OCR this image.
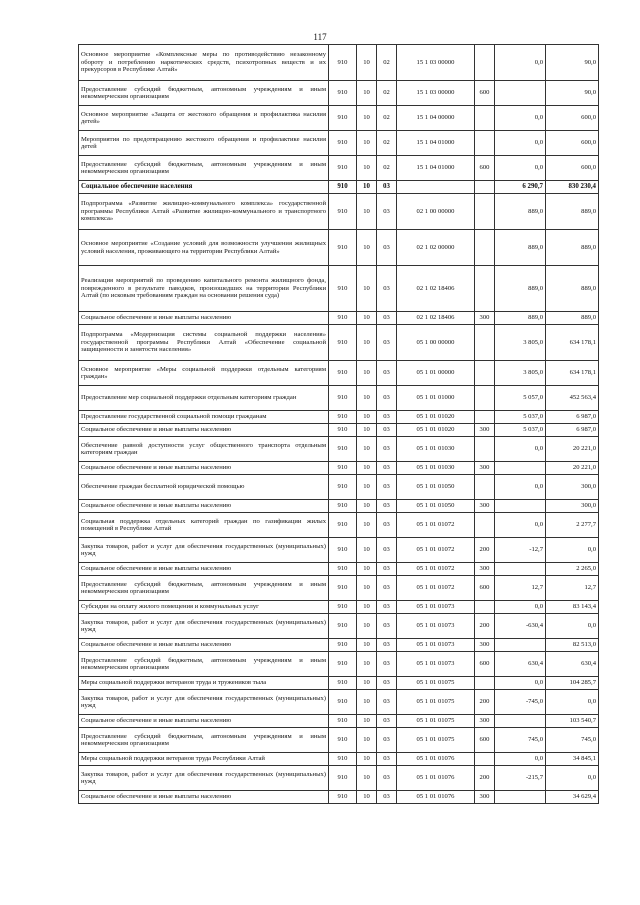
117
Основное мероприятие «Комплексные меры по противодействию незаконному обороту и потреблению наркотических средств, психотропных веществ и их прекурсоров в Республике Алтай»	910	10	02	15 1 03 00000		0,0	90,0
Предоставление субсидий бюджетным, автономным учреждениям и иным некоммерческим организациям	910	10	02	15 1 03 00000	600		90,0
Основное мероприятие «Защита от жестокого обращения и профилактика насилия детей»	910	10	02	15 1 04 00000		0,0	600,0
Мероприятия по предотвращению жестокого обращения и профилактике насилия детей	910	10	02	15 1 04 01000		0,0	600,0
Предоставление субсидий бюджетным, автономным учреждениям и иным некоммерческим организациям	910	10	02	15 1 04 01000	600	0,0	600,0
Социальное обеспечение населения	910	10	03			6 290,7	830 230,4
Подпрограмма «Развитие жилищно-коммунального комплекса» государственной программы Республики Алтай «Развитие жилищно-коммунального и транспортного комплекса»	910	10	03	02 1 00 00000		889,0	889,0
Основное мероприятие «Создание условий для возможности улучшения жилищных условий населения, проживающего на территории Республики Алтай»	910	10	03	02 1 02 00000		889,0	889,0
Реализация мероприятий по проведению капитального ремонта жилищного фонда, поврежденного в результате паводков, произошедших на территории Республики Алтай (по исковым требованиям граждан на основании решения суда)	910	10	03	02 1 02 18406		889,0	889,0
Социальное обеспечение и иные выплаты населению	910	10	03	02 1 02 18406	300	889,0	889,0
Подпрограмма «Модернизация системы социальной поддержки населения» государственной программы Республики Алтай «Обеспечение социальной защищенности и занятости населения»	910	10	03	05 1 00 00000		3 805,0	634 178,1
Основное мероприятие «Меры социальной поддержки отдельным категориям граждан»	910	10	03	05 1 01 00000		3 805,0	634 178,1
Предоставление мер социальной поддержки отдельным категориям граждан	910	10	03	05 1 01 01000		5 057,0	452 563,4
Предоставление государственной социальной помощи гражданам	910	10	03	05 1 01 01020		5 037,0	6 987,0
Социальное обеспечение и иные выплаты населению	910	10	03	05 1 01 01020	300	5 037,0	6 987,0
Обеспечение равной доступности услуг общественного транспорта отдельным категориям граждан	910	10	03	05 1 01 01030		0,0	20 221,0
Социальное обеспечение и иные выплаты населению	910	10	03	05 1 01 01030	300		20 221,0
Обеспечение граждан бесплатной юридической помощью	910	10	03	05 1 01 01050		0,0	300,0
Социальное обеспечение и иные выплаты населению	910	10	03	05 1 01 01050	300		300,0
Социальная поддержка отдельных категорий граждан по газификации жилых помещений в Республике Алтай	910	10	03	05 1 01 01072		0,0	2 277,7
Закупка товаров, работ и услуг для обеспечения государственных (муниципальных) нужд	910	10	03	05 1 01 01072	200	-12,7	0,0
Социальное обеспечение и иные выплаты населению	910	10	03	05 1 01 01072	300		2 265,0
Предоставление субсидий бюджетным, автономным учреждениям и иным некоммерческим организациям	910	10	03	05 1 01 01072	600	12,7	12,7
Субсидии на оплату жилого помещения и коммунальных услуг	910	10	03	05 1 01 01073		0,0	83 143,4
Закупка товаров, работ и услуг для обеспечения государственных (муниципальных) нужд	910	10	03	05 1 01 01073	200	-630,4	0,0
Социальное обеспечение и иные выплаты населению	910	10	03	05 1 01 01073	300		82 513,0
Предоставление субсидий бюджетным, автономным учреждениям и иным некоммерческим организациям	910	10	03	05 1 01 01073	600	630,4	630,4
Меры социальной поддержки ветеранов труда и тружеников тыла	910	10	03	05 1 01 01075		0,0	104 285,7
Закупка товаров, работ и услуг для обеспечения государственных (муниципальных) нужд	910	10	03	05 1 01 01075	200	-745,0	0,0
Социальное обеспечение и иные выплаты населению	910	10	03	05 1 01 01075	300		103 540,7
Предоставление субсидий бюджетным, автономным учреждениям и иным некоммерческим организациям	910	10	03	05 1 01 01075	600	745,0	745,0
Меры социальной поддержки ветеранов труда Республики Алтай	910	10	03	05 1 01 01076		0,0	34 845,1
Закупка товаров, работ и услуг для обеспечения государственных (муниципальных) нужд	910	10	03	05 1 01 01076	200	-215,7	0,0
Социальное обеспечение и иные выплаты населению	910	10	03	05 1 01 01076	300		34 629,4
